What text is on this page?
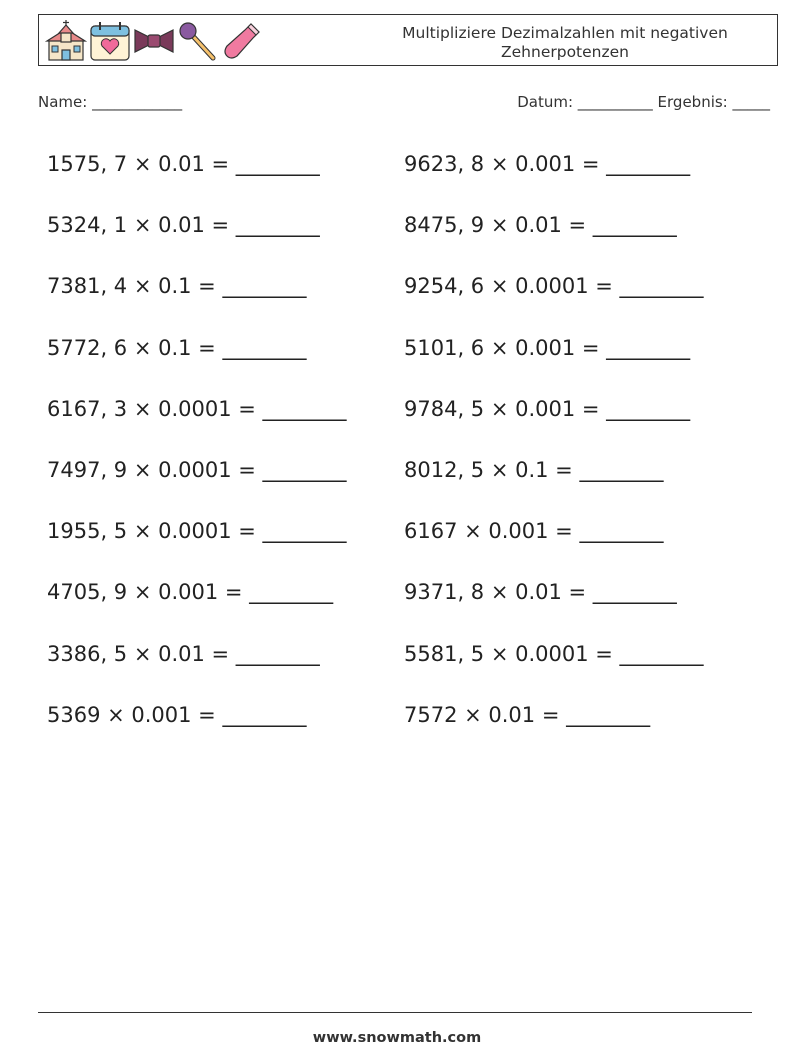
Multipliziere Dezimalzahlen mit negativen Zehnerpotenzen
Name: ____________	Datum: __________ Ergebnis: _____
1575, 7 × 0.01 = ________	9623, 8 × 0.001 = ________
5324, 1 × 0.01 = ________	8475, 9 × 0.01 = ________
7381, 4 × 0.1 = ________	9254, 6 × 0.0001 = ________
5772, 6 × 0.1 = ________	5101, 6 × 0.001 = ________
6167, 3 × 0.0001 = ________	9784, 5 × 0.001 = ________
7497, 9 × 0.0001 = ________	8012, 5 × 0.1 = ________
1955, 5 × 0.0001 = ________	6167 × 0.001 = ________
4705, 9 × 0.001 = ________	9371, 8 × 0.01 = ________
3386, 5 × 0.01 = ________	5581, 5 × 0.0001 = ________
5369 × 0.001 = ________	7572 × 0.01 = ________
www.snowmath.com
